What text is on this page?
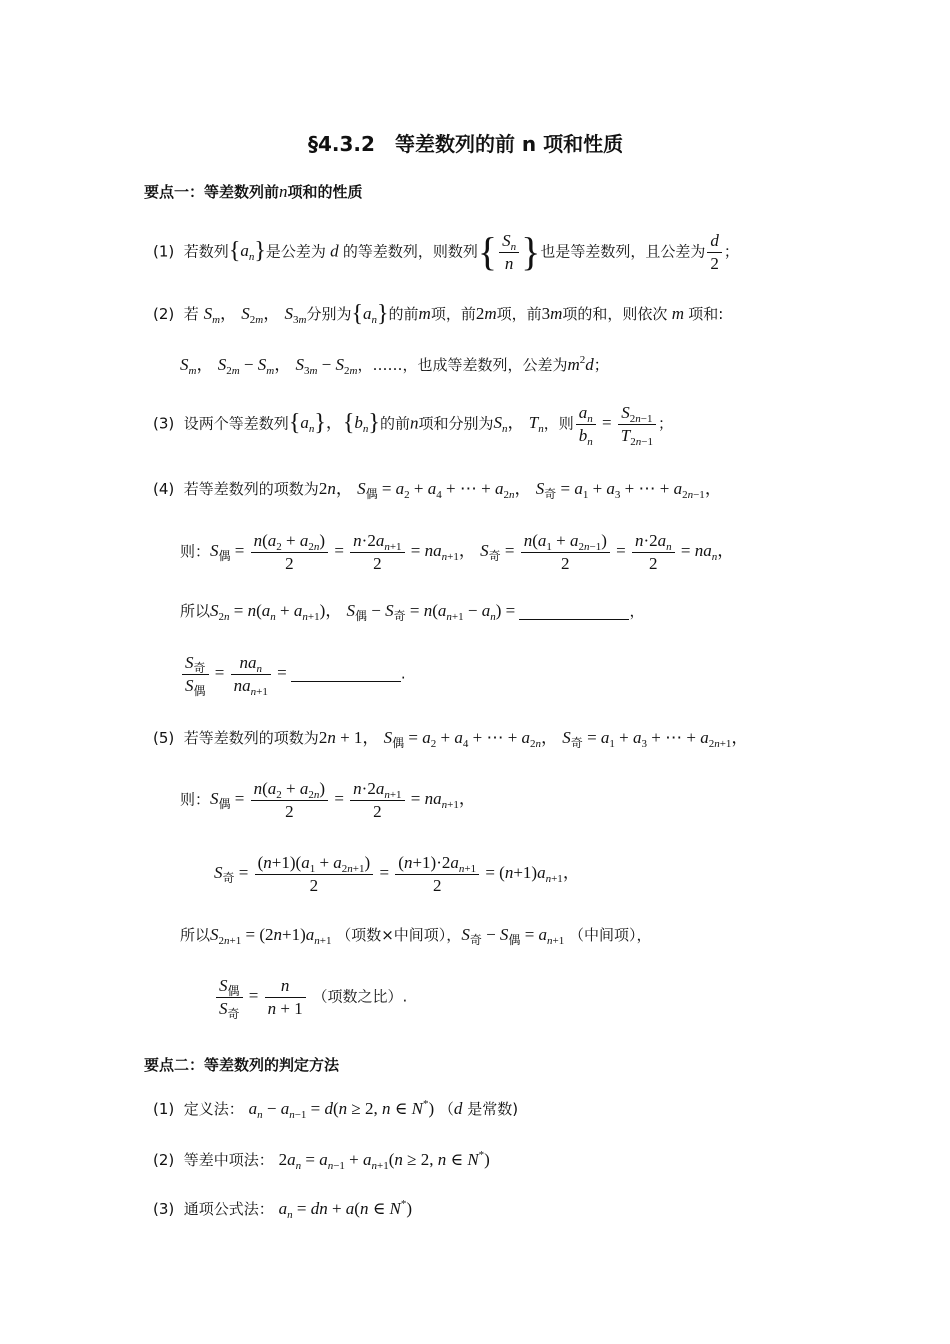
§4.3.2　等差数列的前 n 项和性质
要点一：等差数列前n项和的性质
(1) 若数列$\{a_n\}$是公差为 d 的等差数列，则数列{ $\frac{S_n}{n}$ }也是等差数列，且公差为 $\frac{d}{2}$ ；
(2) 若 $S_m$， $S_{2m}$， $S_{3m}$分别为$\{a_n\}$的前m项，前2m项，前3m项的和，则依次 m 项和:
$S_m$， $S_{2m} - S_m$， $S_{3m} - S_{2m}$，……，也成等差数列，公差为$m^2d$；
(3) 设两个等差数列$\{a_n\}$，$\{b_n\}$的前n项和分别为$S_n$， $T_n$，则 $\frac{a_n}{b_n} = \frac{S_{2n-1}}{T_{2n-1}}$ ；
(4) 若等差数列的项数为2n， $S_偶 = a_2 + a_4$ + ⋯ + $a_{2n}$， $S_奇 = a_1 + a_3$ + ⋯ + $a_{2n-1}$，
则：$S_偶 = \frac{n(a_2 + a_{2n})}{2} = \frac{n\cdot 2a_{n+1}}{2} = na_{n+1}$， $S_奇 = \frac{n(a_1 + a_{2n-1})}{2} = \frac{n\cdot 2a_n}{2} = na_n$，
所以$S_{2n} = n(a_n + a_{n+1})$， $S_偶 - S_奇 = n(a_{n+1} - a_n)$ =	，
$\frac{S_奇}{S_偶} = \frac{na_n}{na_{n+1}}$ =	.
(5) 若等差数列的项数为2n + 1， $S_偶 = a_2 + a_4$ + ⋯ + $a_{2n}$， $S_奇 = a_1 + a_3$ + ⋯ + $a_{2n+1}$，
则：$S_偶 = \frac{n(a_2 + a_{2n})}{2} = \frac{n\cdot 2a_{n+1}}{2} = na_{n+1}$，
$S_奇 = \frac{(n+1)(a_1 + a_{2n+1})}{2} = \frac{(n+1)\cdot 2a_{n+1}}{2} = (n+1)a_{n+1}$，
所以$S_{2n+1} = (2n+1)a_{n+1}$ （项数×中间项），$S_奇 - S_偶 = a_{n+1}$ （中间项），
$\frac{S_偶}{S_奇} = \frac{n}{n + 1}$ （项数之比）.
要点二：等差数列的判定方法
(1) 定义法： $a_n - a_{n-1} = d(n \ge 2$, n ∈ N*) （d 是常数)
(2) 等差中项法： $2a_n = a_{n-1} + a_{n+1}(n \ge 2$, n ∈ N*)
(3) 通项公式法： $a_n$ = dn + a(n ∈ N*)
